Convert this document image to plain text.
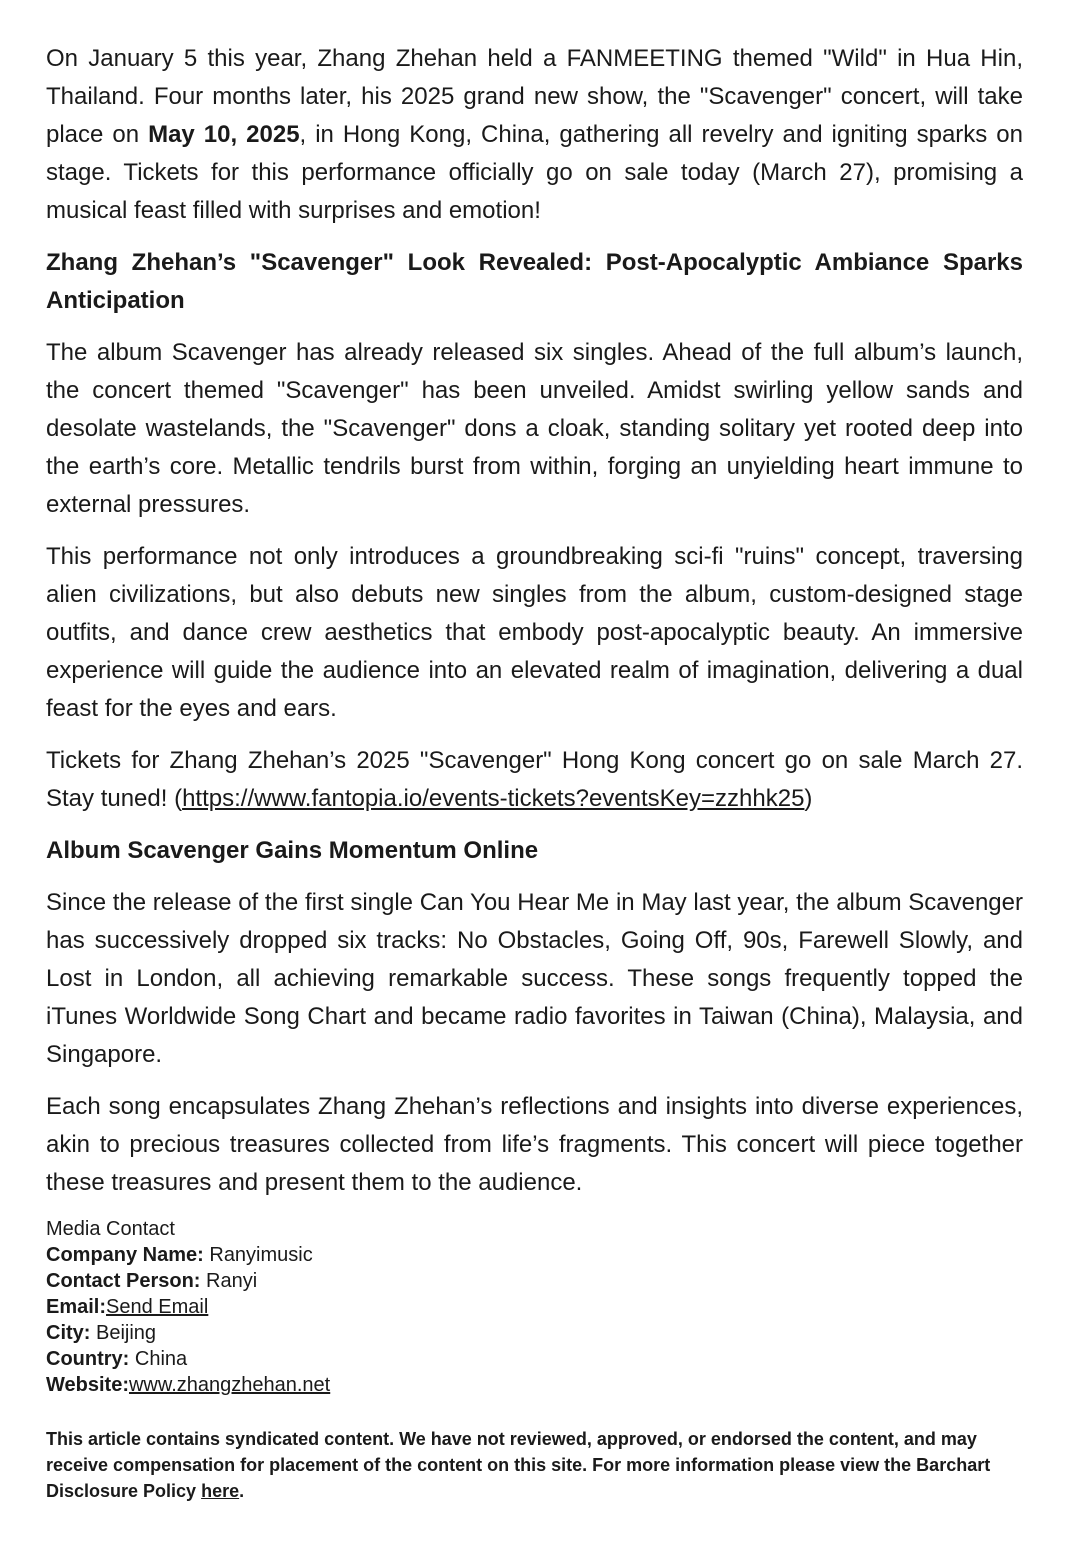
On January 5 this year, Zhang Zhehan held a FANMEETING themed "Wild" in Hua Hin, Thailand. Four months later, his 2025 grand new show, the "Scavenger" concert, will take place on May 10, 2025, in Hong Kong, China, gathering all revelry and igniting sparks on stage. Tickets for this performance officially go on sale today (March 27), promising a musical feast filled with surprises and emotion!

Zhang Zhehan’s "Scavenger" Look Revealed: Post-Apocalyptic Ambiance Sparks Anticipation

The album Scavenger has already released six singles. Ahead of the full album’s launch, the concert themed "Scavenger" has been unveiled. Amidst swirling yellow sands and desolate wastelands, the "Scavenger" dons a cloak, standing solitary yet rooted deep into the earth’s core. Metallic tendrils burst from within, forging an unyielding heart immune to external pressures.

This performance not only introduces a groundbreaking sci-fi "ruins" concept, traversing alien civilizations, but also debuts new singles from the album, custom-designed stage outfits, and dance crew aesthetics that embody post-apocalyptic beauty. An immersive experience will guide the audience into an elevated realm of imagination, delivering a dual feast for the eyes and ears.

Tickets for Zhang Zhehan’s 2025 "Scavenger" Hong Kong concert go on sale March 27. Stay tuned! (https://www.fantopia.io/events-tickets?eventsKey=zzhhk25)

Album Scavenger Gains Momentum Online

Since the release of the first single Can You Hear Me in May last year, the album Scavenger has successively dropped six tracks: No Obstacles, Going Off, 90s, Farewell Slowly, and Lost in London, all achieving remarkable success. These songs frequently topped the iTunes Worldwide Song Chart and became radio favorites in Taiwan (China), Malaysia, and Singapore.

Each song encapsulates Zhang Zhehan’s reflections and insights into diverse experiences, akin to precious treasures collected from life’s fragments. This concert will piece together these treasures and present them to the audience.

Media Contact
Company Name: Ranyimusic
Contact Person: Ranyi
Email:Send Email
City: Beijing
Country: China
Website:www.zhangzhehan.net
This article contains syndicated content. We have not reviewed, approved, or endorsed the content, and may receive compensation for placement of the content on this site. For more information please view the Barchart Disclosure Policy here.
